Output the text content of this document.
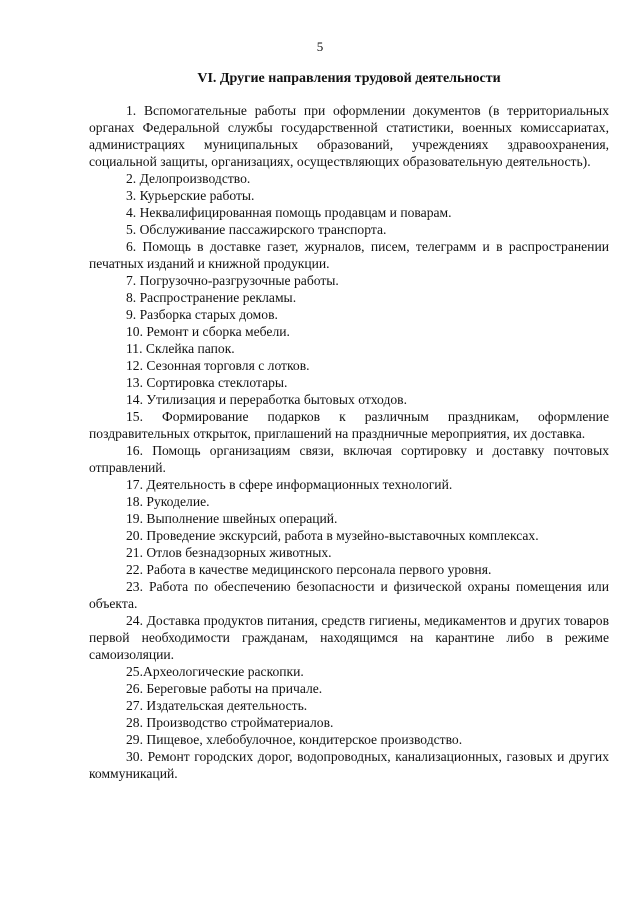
5
VI. Другие направления трудовой деятельности

1. Вспомогательные работы при оформлении документов (в территориальных органах Федеральной службы государственной статистики, военных комиссариатах, администрациях муниципальных образований, учреждениях здравоохранения, социальной защиты, организациях, осуществляющих образовательную деятельность).

2. Делопроизводство.

3. Курьерские работы.

4. Неквалифицированная помощь продавцам и поварам.

5. Обслуживание пассажирского транспорта.

6. Помощь в доставке газет, журналов, писем, телеграмм и в распространении печатных изданий и книжной продукции.

7. Погрузочно-разгрузочные работы.

8. Распространение рекламы.

9. Разборка старых домов.

10. Ремонт и сборка мебели.

11. Склейка папок.

12. Сезонная торговля с лотков.

13. Сортировка стеклотары.

14. Утилизация и переработка бытовых отходов.

15. Формирование подарков к различным праздникам, оформление поздравительных открыток, приглашений на праздничные мероприятия, их доставка.

16. Помощь организациям связи, включая сортировку и доставку почтовых отправлений.

17. Деятельность в сфере информационных технологий.

18. Рукоделие.

19. Выполнение швейных операций.

20. Проведение экскурсий, работа в музейно-выставочных комплексах.

21. Отлов безнадзорных животных.

22. Работа в качестве медицинского персонала первого уровня.

23. Работа по обеспечению безопасности и физической охраны помещения или объекта.

24. Доставка продуктов питания, средств гигиены, медикаментов и других товаров первой необходимости гражданам, находящимся на карантине либо в режиме самоизоляции.

25.Археологические раскопки.

26. Береговые работы на причале.

27. Издательская деятельность.

28. Производство стройматериалов.

29. Пищевое, хлебобулочное, кондитерское производство.

30. Ремонт городских дорог, водопроводных, канализационных, газовых и других коммуникаций.
